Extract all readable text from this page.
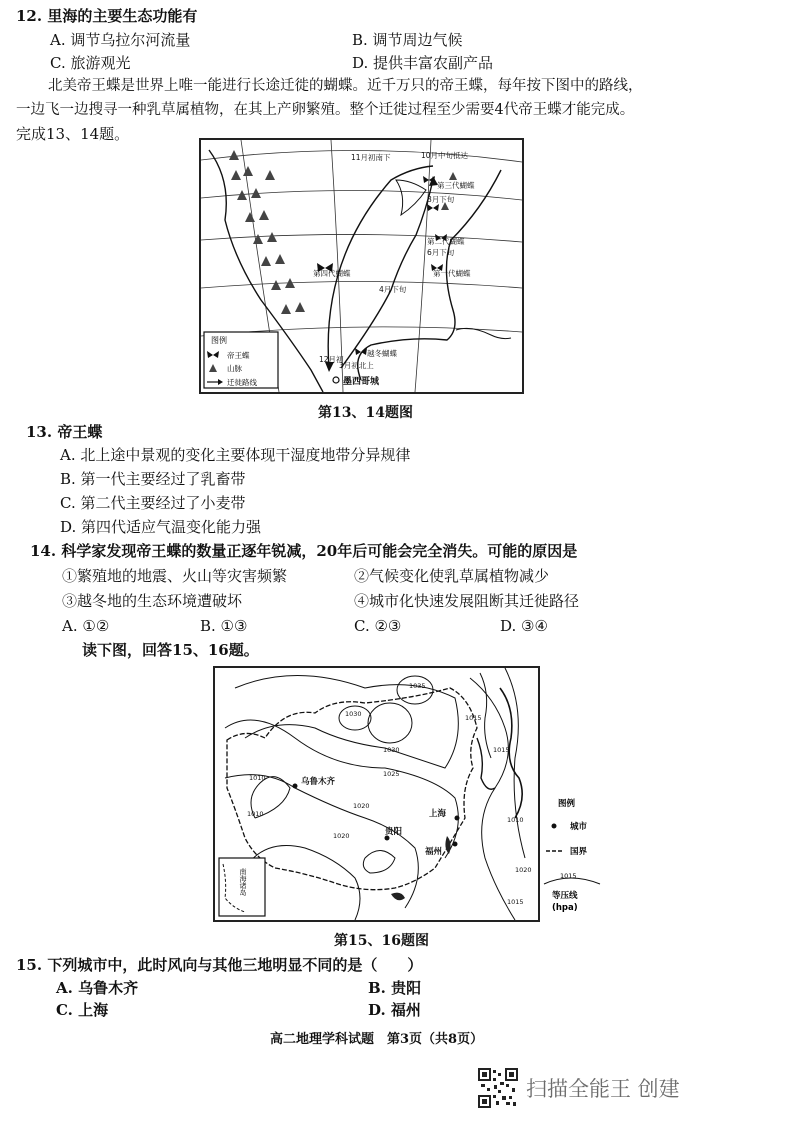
12. 里海的主要生态功能有
A. 调节乌拉尔河流量	B. 调节周边气候
C. 旅游观光	D. 提供丰富农副产品
北美帝王蝶是世界上唯一能进行长途迁徙的蝴蝶。近千万只的帝王蝶，每年按下图中的路线，
一边飞一边搜寻一种乳草属植物，在其上产卵繁殖。整个迁徙过程至少需要4代帝王蝶才能完成。
完成13、14题。
11月初南下	10月中旬抵达
第三代蝴蝶
8月下旬
第二代蝴蝶
6月下旬
第四代蝴蝶	第一代蝴蝶
4月下旬
12月初
3月初北上
越冬蝴蝶
墨西哥城
图例
帝王蝶
山脉
迁徙路线
第13、14题图
13. 帝王蝶
A. 北上途中景观的变化主要体现干湿度地带分异规律
B. 第一代主要经过了乳畜带
C. 第二代主要经过了小麦带
D. 第四代适应气温变化能力强
14. 科学家发现帝王蝶的数量正逐年锐减，20年后可能会完全消失。可能的原因是
①繁殖地的地震、火山等灾害频繁	②气候变化使乳草属植物减少
③越冬地的生态环境遭破坏	④城市化快速发展阻断其迁徙路径
A. ①②	B. ①③	C. ②③	D. ③④
读下图，回答15、16题。
南海诸岛
乌鲁木齐
贵阳
上海
福州
1035
1030
1030
1025
1020
1020
1015
1015
1010
1010
1010
1015
1020
图例
城市
国界
1015
等压线
(hpa)
第15、16题图
15. 下列城市中，此时风向与其他三地明显不同的是（　　）
A. 乌鲁木齐	B. 贵阳
C. 上海	D. 福州
高二地理学科试题　第3页（共8页）
扫描全能王 创建
